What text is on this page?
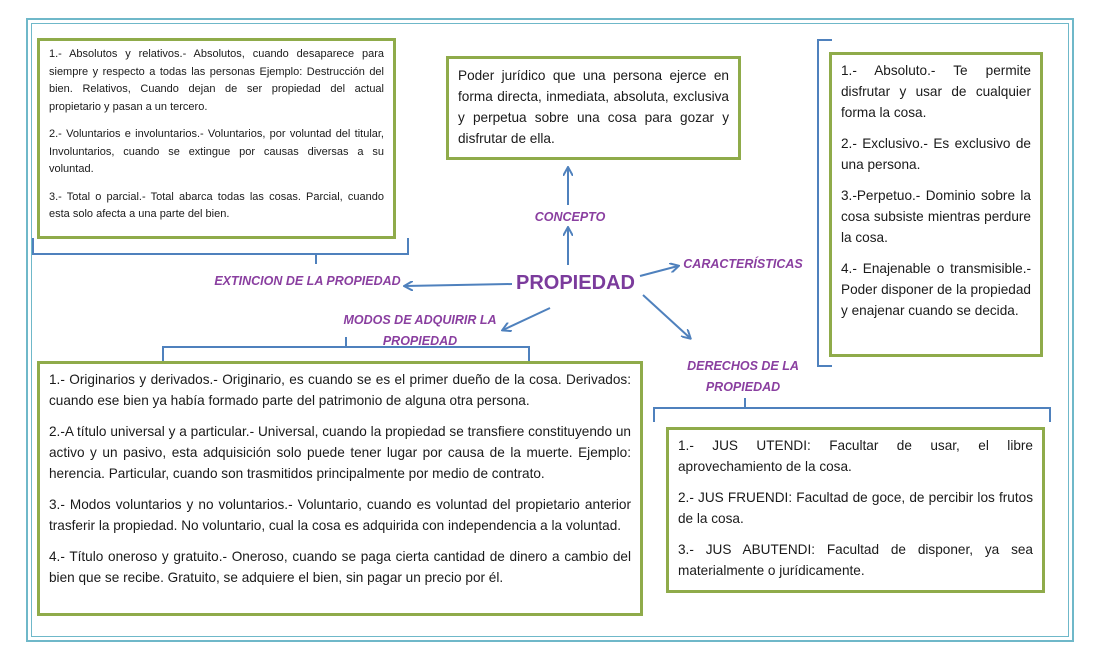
1.- Absolutos y relativos.- Absolutos, cuando desaparece para siempre y respecto a todas las personas Ejemplo: Destrucción del bien. Relativos, Cuando dejan de ser propiedad del actual propietario y pasan a un tercero.

2.- Voluntarios e involuntarios.- Voluntarios, por voluntad del titular, Involuntarios, cuando se extingue por causas diversas a su voluntad.

3.- Total o parcial.- Total abarca todas las cosas. Parcial, cuando esta solo afecta a una parte del bien.

Poder jurídico que una persona ejerce en forma directa, inmediata, absoluta, exclusiva y perpetua sobre una cosa para gozar y disfrutar de ella.

1.- Absoluto.- Te permite disfrutar y usar de cualquier forma la cosa.

2.- Exclusivo.- Es exclusivo de una persona.

3.-Perpetuo.- Dominio sobre la cosa subsiste mientras perdure la cosa.

4.- Enajenable o transmisible.- Poder disponer de la propiedad y enajenar cuando se decida.

1.- Originarios y derivados.- Originario, es cuando se es el primer dueño de la cosa. Derivados: cuando ese bien ya había formado parte del patrimonio de alguna otra persona.

2.-A título universal y a particular.- Universal, cuando la propiedad se transfiere constituyendo un activo y un pasivo, esta adquisición solo puede tener lugar por causa de la muerte. Ejemplo: herencia. Particular, cuando son trasmitidos principalmente por medio de contrato.

3.- Modos voluntarios y no voluntarios.- Voluntario, cuando es voluntad del propietario anterior trasferir la propiedad. No voluntario, cual la cosa es adquirida con independencia a la voluntad.

4.- Título oneroso y gratuito.- Oneroso, cuando se paga cierta cantidad de dinero a cambio del bien que se recibe. Gratuito, se adquiere el bien, sin pagar un precio por él.

1.- JUS UTENDI: Facultar de usar, el libre aprovechamiento de la cosa.

2.- JUS FRUENDI: Facultad de goce, de percibir los frutos de la cosa.

3.- JUS ABUTENDI: Facultad de disponer, ya sea materialmente o jurídicamente.

PROPIEDAD
CONCEPTO
CARACTERÍSTICAS
EXTINCION DE LA PROPIEDAD
MODOS DE ADQUIRIR LA PROPIEDAD
DERECHOS DE LA PROPIEDAD
